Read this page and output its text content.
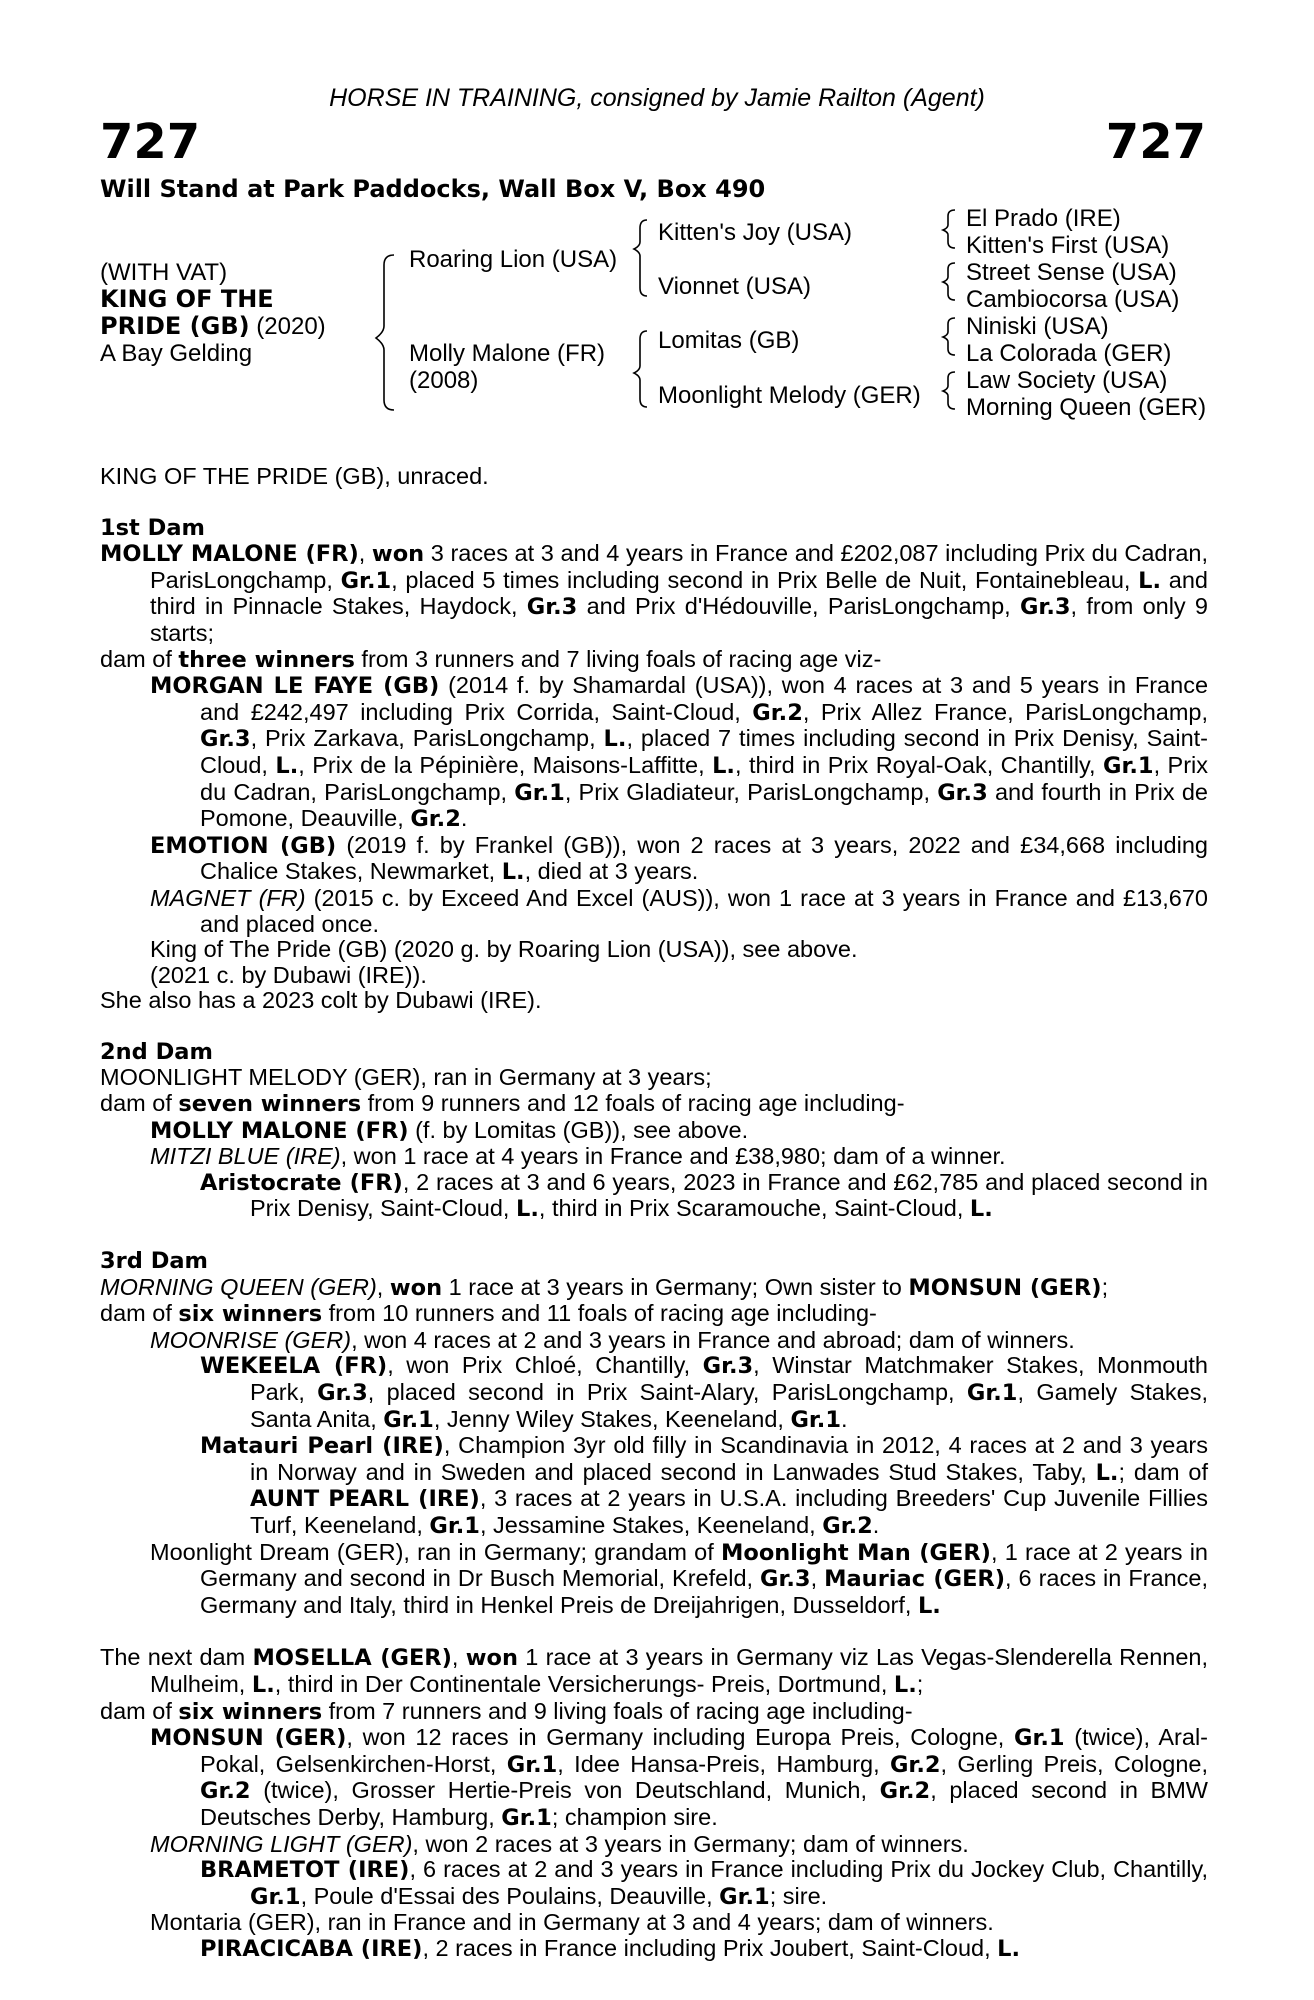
HORSE IN TRAINING, consigned by Jamie Railton (Agent)
727	727
Will Stand at Park Paddocks, Wall Box V, Box 490
(WITH VAT)
KING OF THE
PRIDE (GB) (2020)
A Bay Gelding
Roaring Lion (USA)
Molly Malone (FR)
(2008)
Kitten's Joy (USA)
Vionnet (USA)
Lomitas (GB)
Moonlight Melody (GER)
El Prado (IRE)
Kitten's First (USA)
Street Sense (USA)
Cambiocorsa (USA)
Niniski (USA)
La Colorada (GER)
Law Society (USA)
Morning Queen (GER)

KING OF THE PRIDE (GB), unraced.

1st Dam

MOLLY MALONE (FR), won 3 races at 3 and 4 years in France and £202,087 including Prix du Cadran, ParisLongchamp, Gr.1, placed 5 times including second in Prix Belle de Nuit, Fontainebleau, L. and third in Pinnacle Stakes, Haydock, Gr.3 and Prix d'Hédouville, ParisLongchamp, Gr.3, from only 9 starts;

dam of three winners from 3 runners and 7 living foals of racing age viz-

MORGAN LE FAYE (GB) (2014 f. by Shamardal (USA)), won 4 races at 3 and 5 years in France and £242,497 including Prix Corrida, Saint-Cloud, Gr.2, Prix Allez France, ParisLongchamp, Gr.3, Prix Zarkava, ParisLongchamp, L., placed 7 times including second in Prix Denisy, Saint-Cloud, L., Prix de la Pépinière, Maisons-Laffitte, L., third in Prix Royal-Oak, Chantilly, Gr.1, Prix du Cadran, ParisLongchamp, Gr.1, Prix Gladiateur, ParisLongchamp, Gr.3 and fourth in Prix de Pomone, Deauville, Gr.2.

EMOTION (GB) (2019 f. by Frankel (GB)), won 2 races at 3 years, 2022 and £34,668 including Chalice Stakes, Newmarket, L., died at 3 years.

MAGNET (FR) (2015 c. by Exceed And Excel (AUS)), won 1 race at 3 years in France and £13,670 and placed once.

King of The Pride (GB) (2020 g. by Roaring Lion (USA)), see above.

(2021 c. by Dubawi (IRE)).

She also has a 2023 colt by Dubawi (IRE).

2nd Dam

MOONLIGHT MELODY (GER), ran in Germany at 3 years;

dam of seven winners from 9 runners and 12 foals of racing age including-

MOLLY MALONE (FR) (f. by Lomitas (GB)), see above.

MITZI BLUE (IRE), won 1 race at 4 years in France and £38,980; dam of a winner.

Aristocrate (FR), 2 races at 3 and 6 years, 2023 in France and £62,785 and placed second in Prix Denisy, Saint-Cloud, L., third in Prix Scaramouche, Saint-Cloud, L.

3rd Dam

MORNING QUEEN (GER), won 1 race at 3 years in Germany; Own sister to MONSUN (GER);

dam of six winners from 10 runners and 11 foals of racing age including-

MOONRISE (GER), won 4 races at 2 and 3 years in France and abroad; dam of winners.

WEKEELA (FR), won Prix Chloé, Chantilly, Gr.3, Winstar Matchmaker Stakes, Monmouth Park, Gr.3, placed second in Prix Saint-Alary, ParisLongchamp, Gr.1, Gamely Stakes, Santa Anita, Gr.1, Jenny Wiley Stakes, Keeneland, Gr.1.

Matauri Pearl (IRE), Champion 3yr old filly in Scandinavia in 2012, 4 races at 2 and 3 years in Norway and in Sweden and placed second in Lanwades Stud Stakes, Taby, L.; dam of AUNT PEARL (IRE), 3 races at 2 years in U.S.A. including Breeders' Cup Juvenile Fillies Turf, Keeneland, Gr.1, Jessamine Stakes, Keeneland, Gr.2.

Moonlight Dream (GER), ran in Germany; grandam of Moonlight Man (GER), 1 race at 2 years in Germany and second in Dr Busch Memorial, Krefeld, Gr.3, Mauriac (GER), 6 races in France, Germany and Italy, third in Henkel Preis de Dreijahrigen, Dusseldorf, L.

The next dam MOSELLA (GER), won 1 race at 3 years in Germany viz Las Vegas-Slenderella Rennen, Mulheim, L., third in Der Continentale Versicherungs- Preis, Dortmund, L.;

dam of six winners from 7 runners and 9 living foals of racing age including-

MONSUN (GER), won 12 races in Germany including Europa Preis, Cologne, Gr.1 (twice), Aral-Pokal, Gelsenkirchen-Horst, Gr.1, Idee Hansa-Preis, Hamburg, Gr.2, Gerling Preis, Cologne, Gr.2 (twice), Grosser Hertie-Preis von Deutschland, Munich, Gr.2, placed second in BMW Deutsches Derby, Hamburg, Gr.1; champion sire.

MORNING LIGHT (GER), won 2 races at 3 years in Germany; dam of winners.

BRAMETOT (IRE), 6 races at 2 and 3 years in France including Prix du Jockey Club, Chantilly, Gr.1, Poule d'Essai des Poulains, Deauville, Gr.1; sire.

Montaria (GER), ran in France and in Germany at 3 and 4 years; dam of winners.

PIRACICABA (IRE), 2 races in France including Prix Joubert, Saint-Cloud, L.
